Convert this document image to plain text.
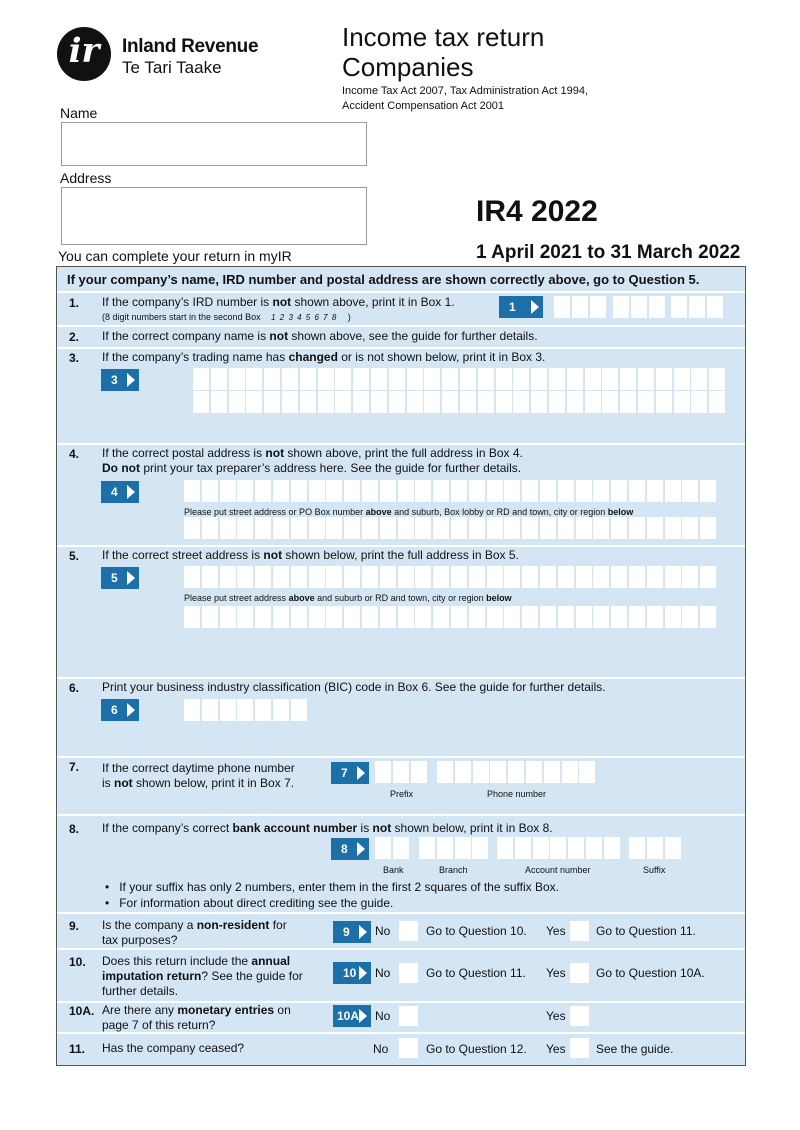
ir	Inland Revenue
Te Tari Taake
Income tax return
Companies
Income Tax Act 2007, Tax Administration Act 1994, Accident Compensation Act 2001
Name
Address
IR4 2022
1 April 2021 to 31 March 2022
You can complete your return in myIR
If your company’s name, IRD number and postal address are shown correctly above, go to Question 5.
1. If the company’s IRD number is not shown above, print it in Box 1.
(8 digit numbers start in the second Box 1 2 3 4 5 6 7 8 )
1
2. If the correct company name is not shown above, see the guide for further details.
3. If the company’s trading name has changed or is not shown below, print it in Box 3.
3
4. If the correct postal address is not shown above, print the full address in Box 4.
Do not print your tax preparer’s address here. See the guide for further details.
4
Please put street address or PO Box number above and suburb, Box lobby or RD and town, city or region below
5. If the correct street address is not shown below, print the full address in Box 5.
5
Please put street address above and suburb or RD and town, city or region below
6. Print your business industry classification (BIC) code in Box 6. See the guide for further details.
6
7. If the correct daytime phone number
is not shown below, print it in Box 7.
7
Prefix	Phone number
8. If the company’s correct bank account number is not shown below, print it in Box 8.
8
Bank	Branch	Account number	Suffix
•   If your suffix has only 2 numbers, enter them in the first 2 squares of the suffix Box.
•   For information about direct crediting see the guide.
9. Is the company a non-resident for
tax purposes?
9	No	Go to Question 10. Yes	Go to Question 11.
10. Does this return include the annual
imputation return? See the guide for
further details.
10	No	Go to Question 11. Yes	Go to Question 10A.
10A. Are there any monetary entries on
page 7 of this return?
10A	No	Yes
11. Has the company ceased?	No	Go to Question 12. Yes	See the guide.
